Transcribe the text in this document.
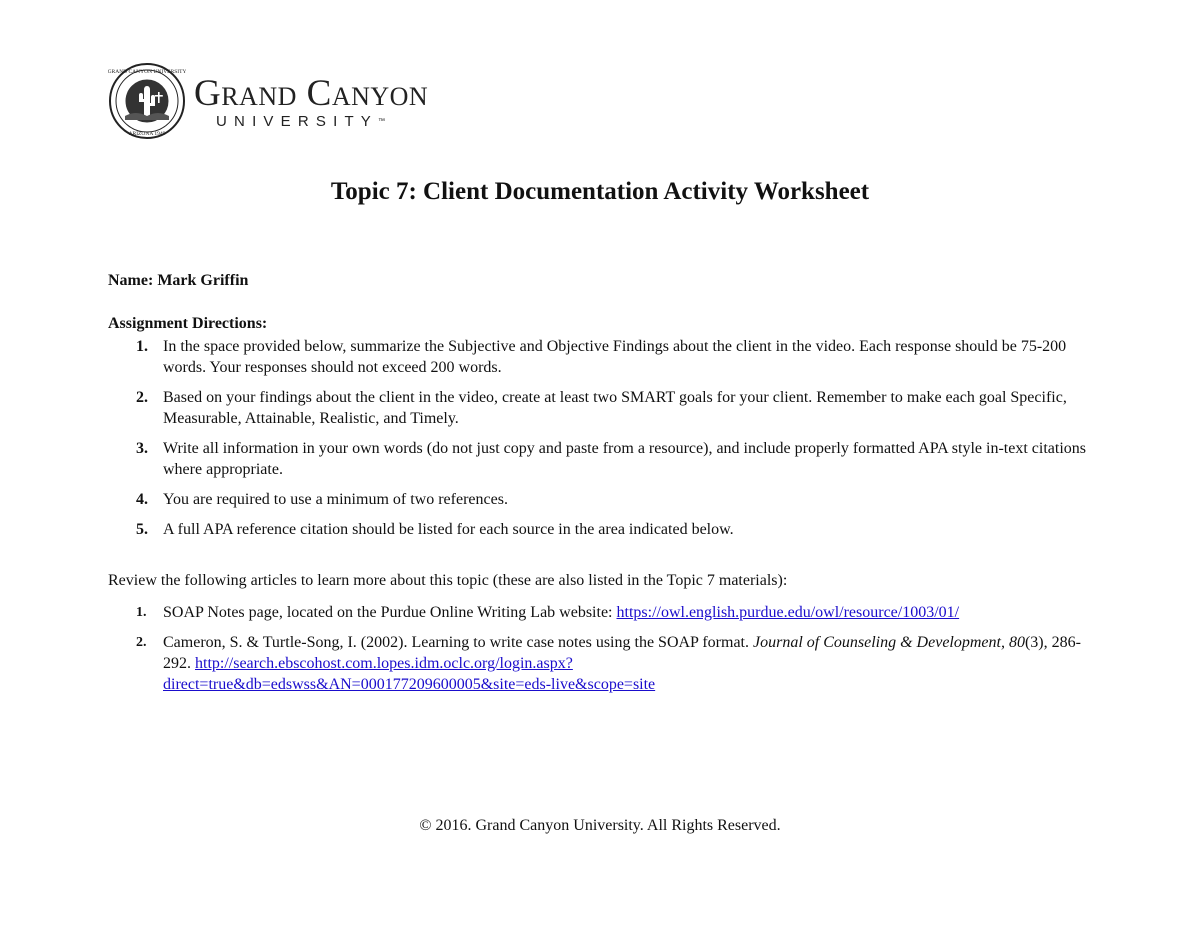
GRAND CANYON UNIVERSITY
ARIZONA 1949
Grand Canyon
UNIVERSITY™
Topic 7: Client Documentation Activity Worksheet
Name: Mark Griffin
Assignment Directions:
1. In the space provided below, summarize the Subjective and Objective Findings about the client in the video. Each response should be 75-200 words. Your responses should not exceed 200 words.
2. Based on your findings about the client in the video, create at least two SMART goals for your client. Remember to make each goal Specific, Measurable, Attainable, Realistic, and Timely.
3. Write all information in your own words (do not just copy and paste from a resource), and include properly formatted APA style in-text citations where appropriate.
4. You are required to use a minimum of two references.
5. A full APA reference citation should be listed for each source in the area indicated below.
Review the following articles to learn more about this topic (these are also listed in the Topic 7 materials):
1. SOAP Notes page, located on the Purdue Online Writing Lab website: https://owl.english.purdue.edu/owl/resource/1003/01/
2. Cameron, S. & Turtle-Song, I. (2002). Learning to write case notes using the SOAP format. Journal of Counseling & Development, 80(3), 286-292. http://search.ebscohost.com.lopes.idm.oclc.org/login.aspx?
direct=true&db=edswss&AN=000177209600005&site=eds-live&scope=site
© 2016. Grand Canyon University. All Rights Reserved.
